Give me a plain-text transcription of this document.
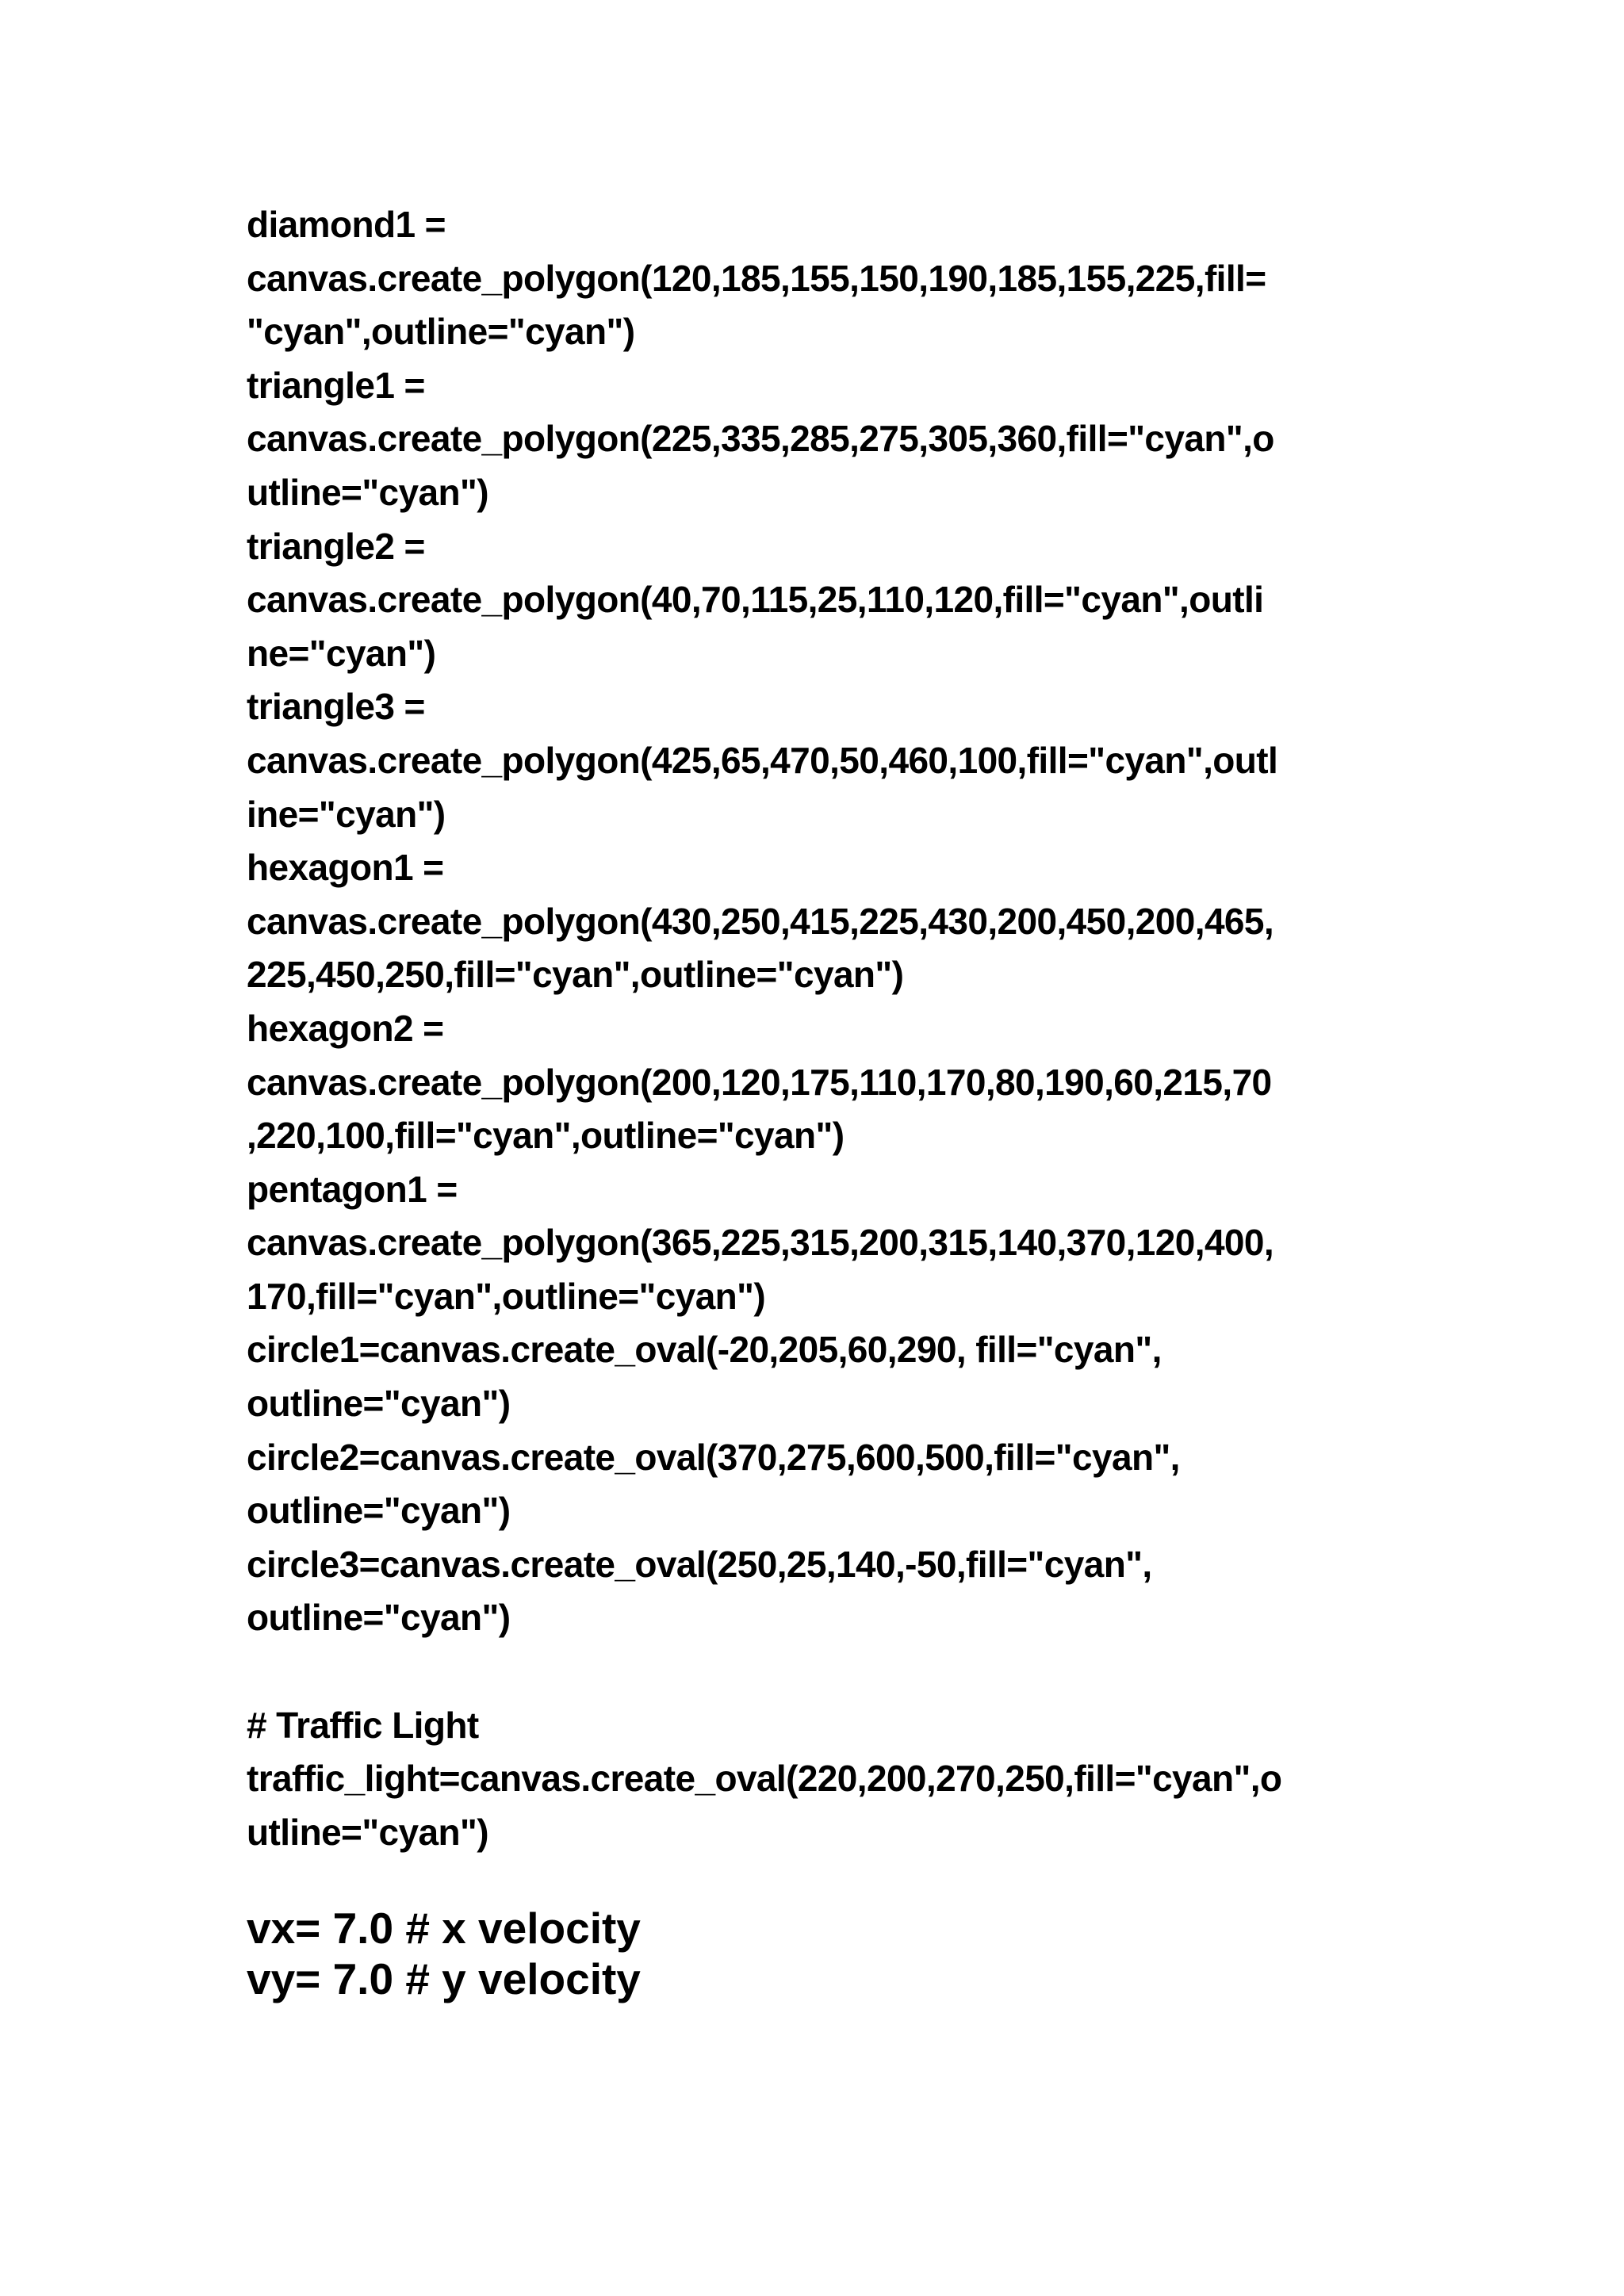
diamond1 =
canvas.create_polygon(120,185,155,150,190,185,155,225,fill=
"cyan",outline="cyan")
triangle1 =
canvas.create_polygon(225,335,285,275,305,360,fill="cyan",o
utline="cyan")
triangle2 =
canvas.create_polygon(40,70,115,25,110,120,fill="cyan",outli
ne="cyan")
triangle3 =
canvas.create_polygon(425,65,470,50,460,100,fill="cyan",outl
ine="cyan")
hexagon1 =
canvas.create_polygon(430,250,415,225,430,200,450,200,465,
225,450,250,fill="cyan",outline="cyan")
hexagon2 =
canvas.create_polygon(200,120,175,110,170,80,190,60,215,70
,220,100,fill="cyan",outline="cyan")
pentagon1 =
canvas.create_polygon(365,225,315,200,315,140,370,120,400,
170,fill="cyan",outline="cyan")
circle1=canvas.create_oval(-20,205,60,290, fill="cyan",
outline="cyan")
circle2=canvas.create_oval(370,275,600,500,fill="cyan",
outline="cyan")
circle3=canvas.create_oval(250,25,140,-50,fill="cyan",
outline="cyan")
# Traffic Light
traffic_light=canvas.create_oval(220,200,270,250,fill="cyan",o
utline="cyan")
vx= 7.0 # x velocity
vy= 7.0 # y velocity
